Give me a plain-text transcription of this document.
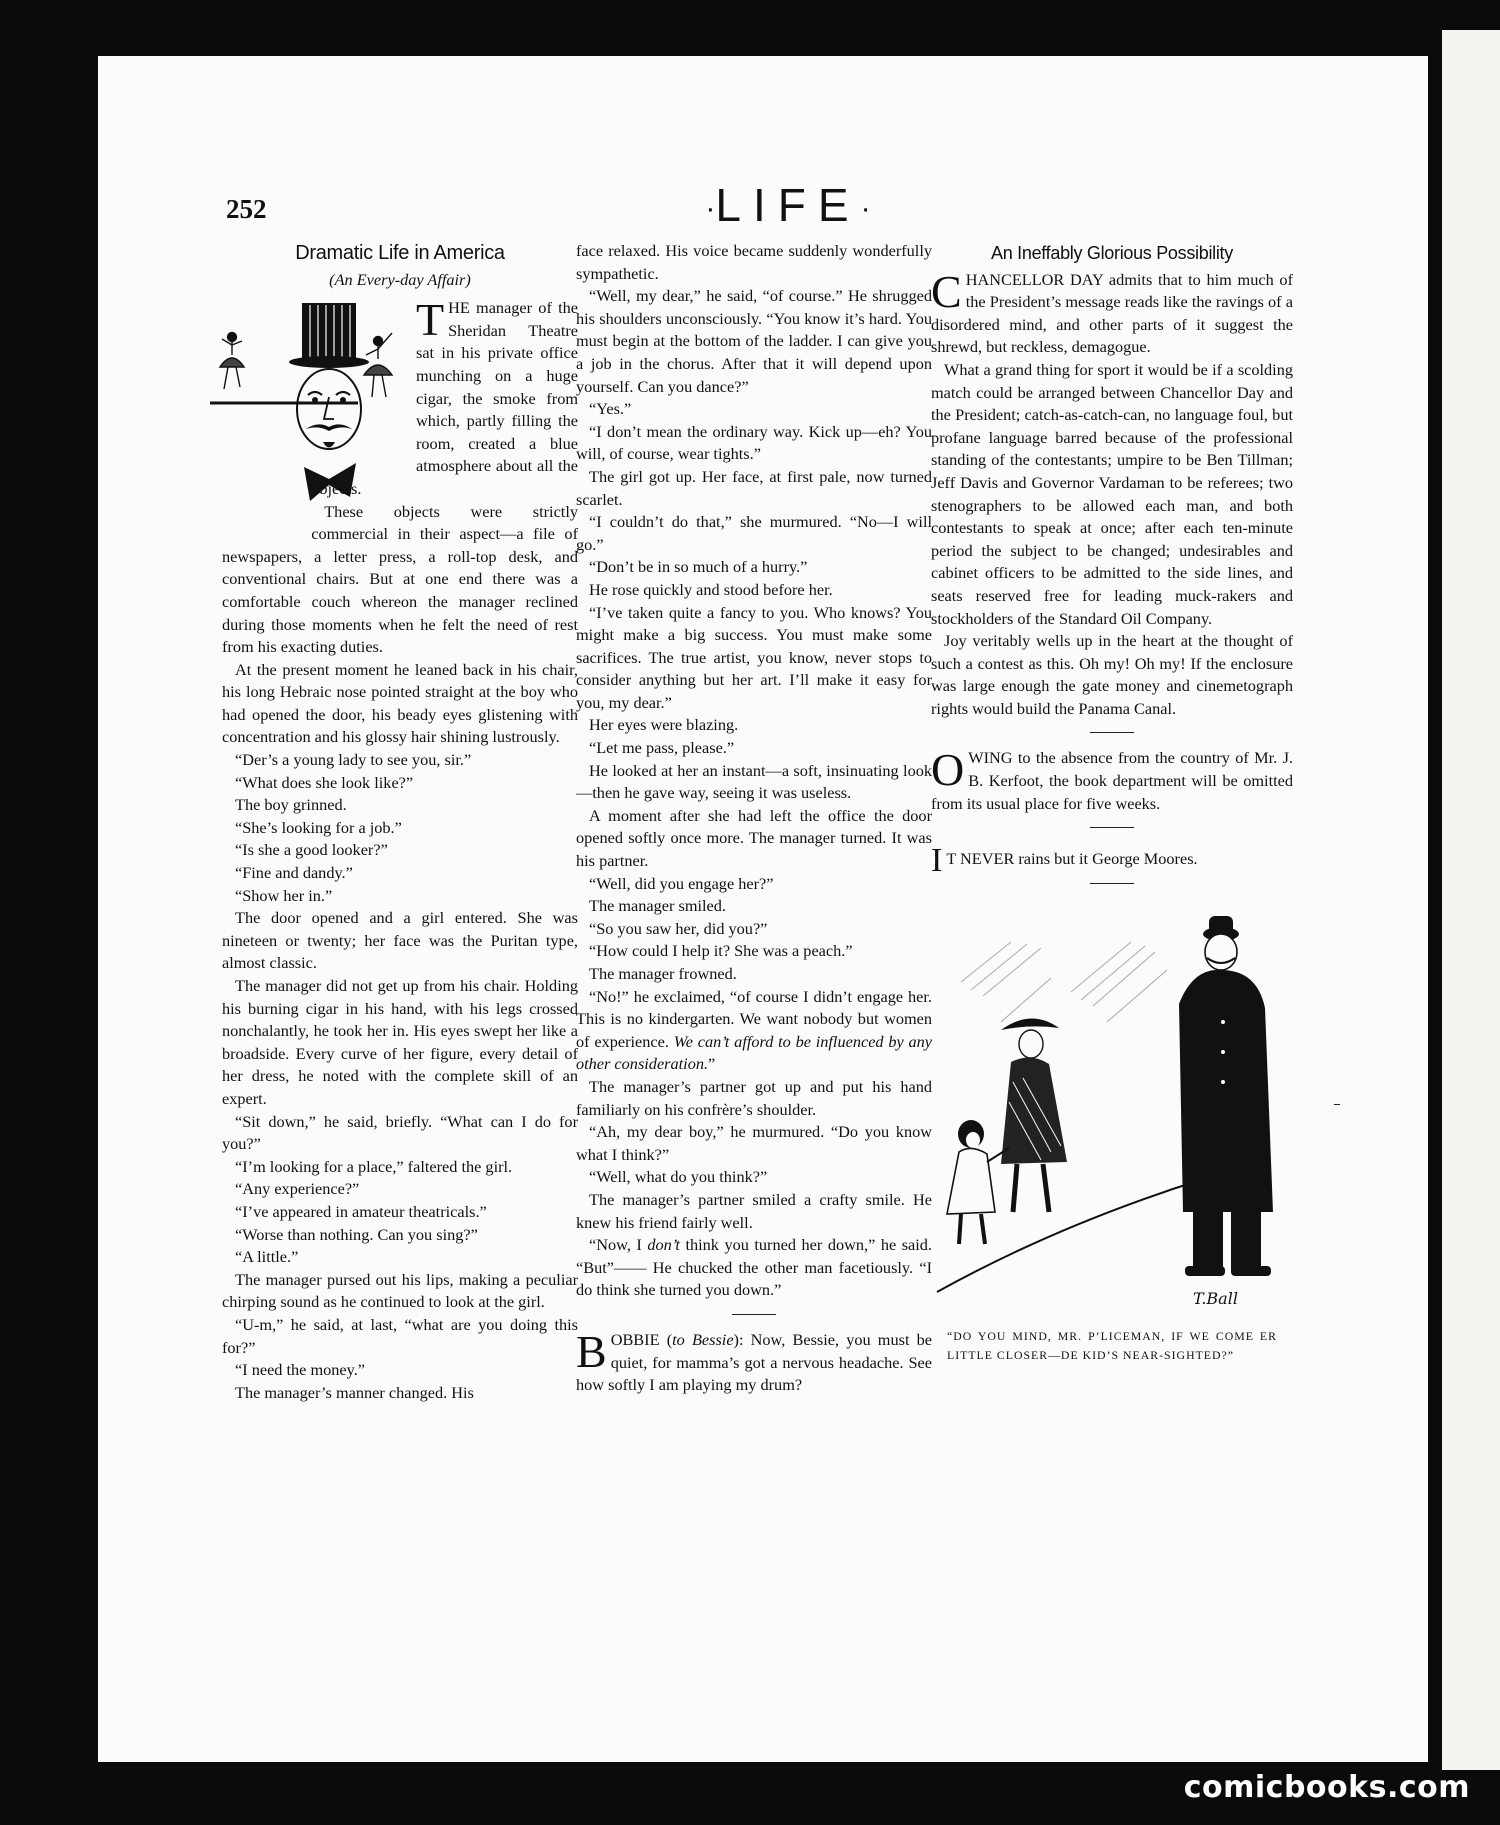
252	·LIFE·
Dramatic Life in America
(An Every-day Affair)
T HE manager of the Sheridan Theatre sat in his private office munching on a huge cigar, the smoke from which, partly filling the room, created a blue atmosphere about all the objects.

These objects were strictly commercial in their aspect—a file of newspapers, a letter press, a roll-top desk, and conventional chairs. But at one end there was a comfortable couch whereon the manager reclined during those moments when he felt the need of rest from his exacting duties.

At the present moment he leaned back in his chair, his long Hebraic nose pointed straight at the boy who had opened the door, his beady eyes glistening with concentration and his glossy hair shining lustrously.

“Der’s a young lady to see you, sir.”

“What does she look like?”

The boy grinned.

“She’s looking for a job.”

“Is she a good looker?”

“Fine and dandy.”

“Show her in.”

The door opened and a girl entered. She was nineteen or twenty; her face was the Puritan type, almost classic.

The manager did not get up from his chair. Holding his burning cigar in his hand, with his legs crossed nonchalantly, he took her in. His eyes swept her like a broadside. Every curve of her figure, every detail of her dress, he noted with the complete skill of an expert.

“Sit down,” he said, briefly. “What can I do for you?”

“I’m looking for a place,” faltered the girl.

“Any experience?”

“I’ve appeared in amateur theatricals.”

“Worse than nothing. Can you sing?”

“A little.”

The manager pursed out his lips, making a peculiar chirping sound as he continued to look at the girl.

“U-m,” he said, at last, “what are you doing this for?”

“I need the money.”

The manager’s manner changed. His

face relaxed. His voice became suddenly wonderfully sympathetic.

“Well, my dear,” he said, “of course.” He shrugged his shoulders unconsciously. “You know it’s hard. You must begin at the bottom of the ladder. I can give you a job in the chorus. After that it will depend upon yourself. Can you dance?”

“Yes.”

“I don’t mean the ordinary way. Kick up—eh? You will, of course, wear tights.”

The girl got up. Her face, at first pale, now turned scarlet.

“I couldn’t do that,” she murmured. “No—I will go.”

“Don’t be in so much of a hurry.”

He rose quickly and stood before her.

“I’ve taken quite a fancy to you. Who knows? You might make a big success. You must make some sacrifices. The true artist, you know, never stops to consider anything but her art. I’ll make it easy for you, my dear.”

Her eyes were blazing.

“Let me pass, please.”

He looked at her an instant—a soft, insinuating look—then he gave way, seeing it was useless.

A moment after she had left the office the door opened softly once more. The manager turned. It was his partner.

“Well, did you engage her?”

The manager smiled.

“So you saw her, did you?”

“How could I help it? She was a peach.”

The manager frowned.

“No!” he exclaimed, “of course I didn’t engage her. This is no kindergarten. We want nobody but women of experience. We can’t afford to be influenced by any other consideration.”

The manager’s partner got up and put his hand familiarly on his confrère’s shoulder.

“Ah, my dear boy,” he murmured. “Do you know what I think?”

“Well, what do you think?”

The manager’s partner smiled a crafty smile. He knew his friend fairly well.

“Now, I don’t think you turned her down,” he said. “But”—— He chucked the other man facetiously. “I do think she turned you down.”

B OBBIE (to Bessie): Now, Bessie, you must be quiet, for mamma’s got a nervous headache. See how softly I am playing my drum?

An Ineffably Glorious Possibility
C HANCELLOR DAY admits that to him much of the President’s message reads like the ravings of a disordered mind, and other parts of it suggest the shrewd, but reckless, demagogue.

What a grand thing for sport it would be if a scolding match could be arranged between Chancellor Day and the President; catch-as-catch-can, no language foul, but profane language barred because of the professional standing of the contestants; umpire to be Ben Tillman; Jeff Davis and Governor Vardaman to be referees; two stenographers to be allowed each man, and both contestants to speak at once; after each ten-minute period the subject to be changed; undesirables and cabinet officers to be admitted to the side lines, and seats reserved free for leading muck-rakers and stockholders of the Standard Oil Company.

Joy veritably wells up in the heart at the thought of such a contest as this. Oh my! Oh my! If the enclosure was large enough the gate money and cinemetograph rights would build the Panama Canal.

O WING to the absence from the country of Mr. J. B. Kerfoot, the book department will be omitted from its usual place for five weeks.

I T NEVER rains but it George Moores.

T.Ball
“DO YOU MIND, MR. P’LICEMAN, IF WE COME ER LITTLE CLOSER—DE KID’S NEAR-SIGHTED?”
comicbooks.com
